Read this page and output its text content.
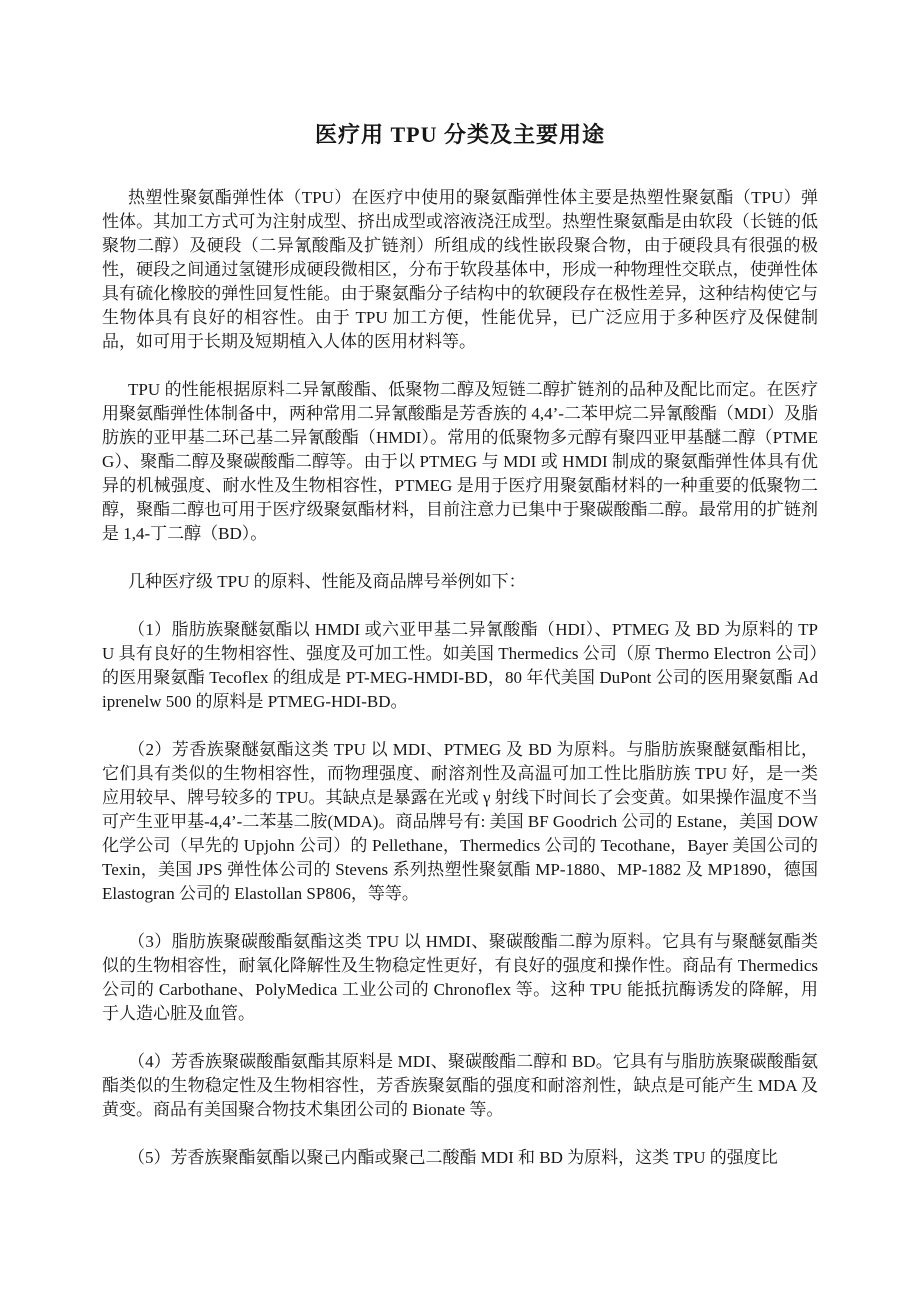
医疗用 TPU 分类及主要用途

热塑性聚氨酯弹性体（TPU）在医疗中使用的聚氨酯弹性体主要是热塑性聚氨酯（TPU）弹性体。其加工方式可为注射成型、挤出成型或溶液浇汪成型。热塑性聚氨酯是由软段（长链的低聚物二醇）及硬段（二异氰酸酯及扩链剂）所组成的线性嵌段聚合物，由于硬段具有很强的极性，硬段之间通过氢键形成硬段微相区，分布于软段基体中，形成一种物理性交联点，使弹性体具有硫化橡胶的弹性回复性能。由于聚氨酯分子结构中的软硬段存在极性差异，这种结构使它与生物体具有良好的相容性。由于 TPU 加工方便，性能优异，已广泛应用于多种医疗及保健制品，如可用于长期及短期植入人体的医用材料等。

TPU 的性能根据原料二异氰酸酯、低聚物二醇及短链二醇扩链剂的品种及配比而定。在医疗用聚氨酯弹性体制备中，两种常用二异氰酸酯是芳香族的 4,4’-二苯甲烷二异氰酸酯（MDI）及脂肪族的亚甲基二环己基二异氰酸酯（HMDI）。常用的低聚物多元醇有聚四亚甲基醚二醇（PTMEG）、聚酯二醇及聚碳酸酯二醇等。由于以 PTMEG 与 MDI 或 HMDI 制成的聚氨酯弹性体具有优异的机械强度、耐水性及生物相容性，PTMEG 是用于医疗用聚氨酯材料的一种重要的低聚物二醇，聚酯二醇也可用于医疗级聚氨酯材料，目前注意力已集中于聚碳酸酯二醇。最常用的扩链剂是 1,4-丁二醇（BD）。

几种医疗级 TPU 的原料、性能及商品牌号举例如下：

（1）脂肪族聚醚氨酯以 HMDI 或六亚甲基二异氰酸酯（HDI）、PTMEG 及 BD 为原料的 TPU 具有良好的生物相容性、强度及可加工性。如美国 Thermedics 公司（原 Thermo Electron 公司）的医用聚氨酯 Tecoflex 的组成是 PT-MEG-HMDI-BD，80 年代美国 DuPont 公司的医用聚氨酯 Adiprenelw 500 的原料是 PTMEG-HDI-BD。

（2）芳香族聚醚氨酯这类 TPU 以 MDI、PTMEG 及 BD 为原料。与脂肪族聚醚氨酯相比，它们具有类似的生物相容性，而物理强度、耐溶剂性及高温可加工性比脂肪族 TPU 好，是一类应用较早、牌号较多的 TPU。其缺点是暴露在光或 γ 射线下时间长了会变黄。如果操作温度不当可产生亚甲基-4,4’-二苯基二胺(MDA)。商品牌号有: 美国 BF Goodrich 公司的 Estane，美国 DOW 化学公司（早先的 Upjohn 公司）的 Pellethane，Thermedics 公司的 Tecothane，Bayer 美国公司的 Texin，美国 JPS 弹性体公司的 Stevens 系列热塑性聚氨酯 MP-1880、MP-1882 及 MP1890，德国 Elastogran 公司的 Elastollan SP806，等等。

（3）脂肪族聚碳酸酯氨酯这类 TPU 以 HMDI、聚碳酸酯二醇为原料。它具有与聚醚氨酯类似的生物相容性，耐氧化降解性及生物稳定性更好，有良好的强度和操作性。商品有 Thermedics 公司的 Carbothane、PolyMedica 工业公司的 Chronoflex 等。这种 TPU 能抵抗酶诱发的降解，用于人造心脏及血管。

（4）芳香族聚碳酸酯氨酯其原料是 MDI、聚碳酸酯二醇和 BD。它具有与脂肪族聚碳酸酯氨酯类似的生物稳定性及生物相容性，芳香族聚氨酯的强度和耐溶剂性，缺点是可能产生 MDA 及黄变。商品有美国聚合物技术集团公司的 Bionate 等。

（5）芳香族聚酯氨酯以聚己内酯或聚己二酸酯 MDI 和 BD 为原料，这类 TPU 的强度比
